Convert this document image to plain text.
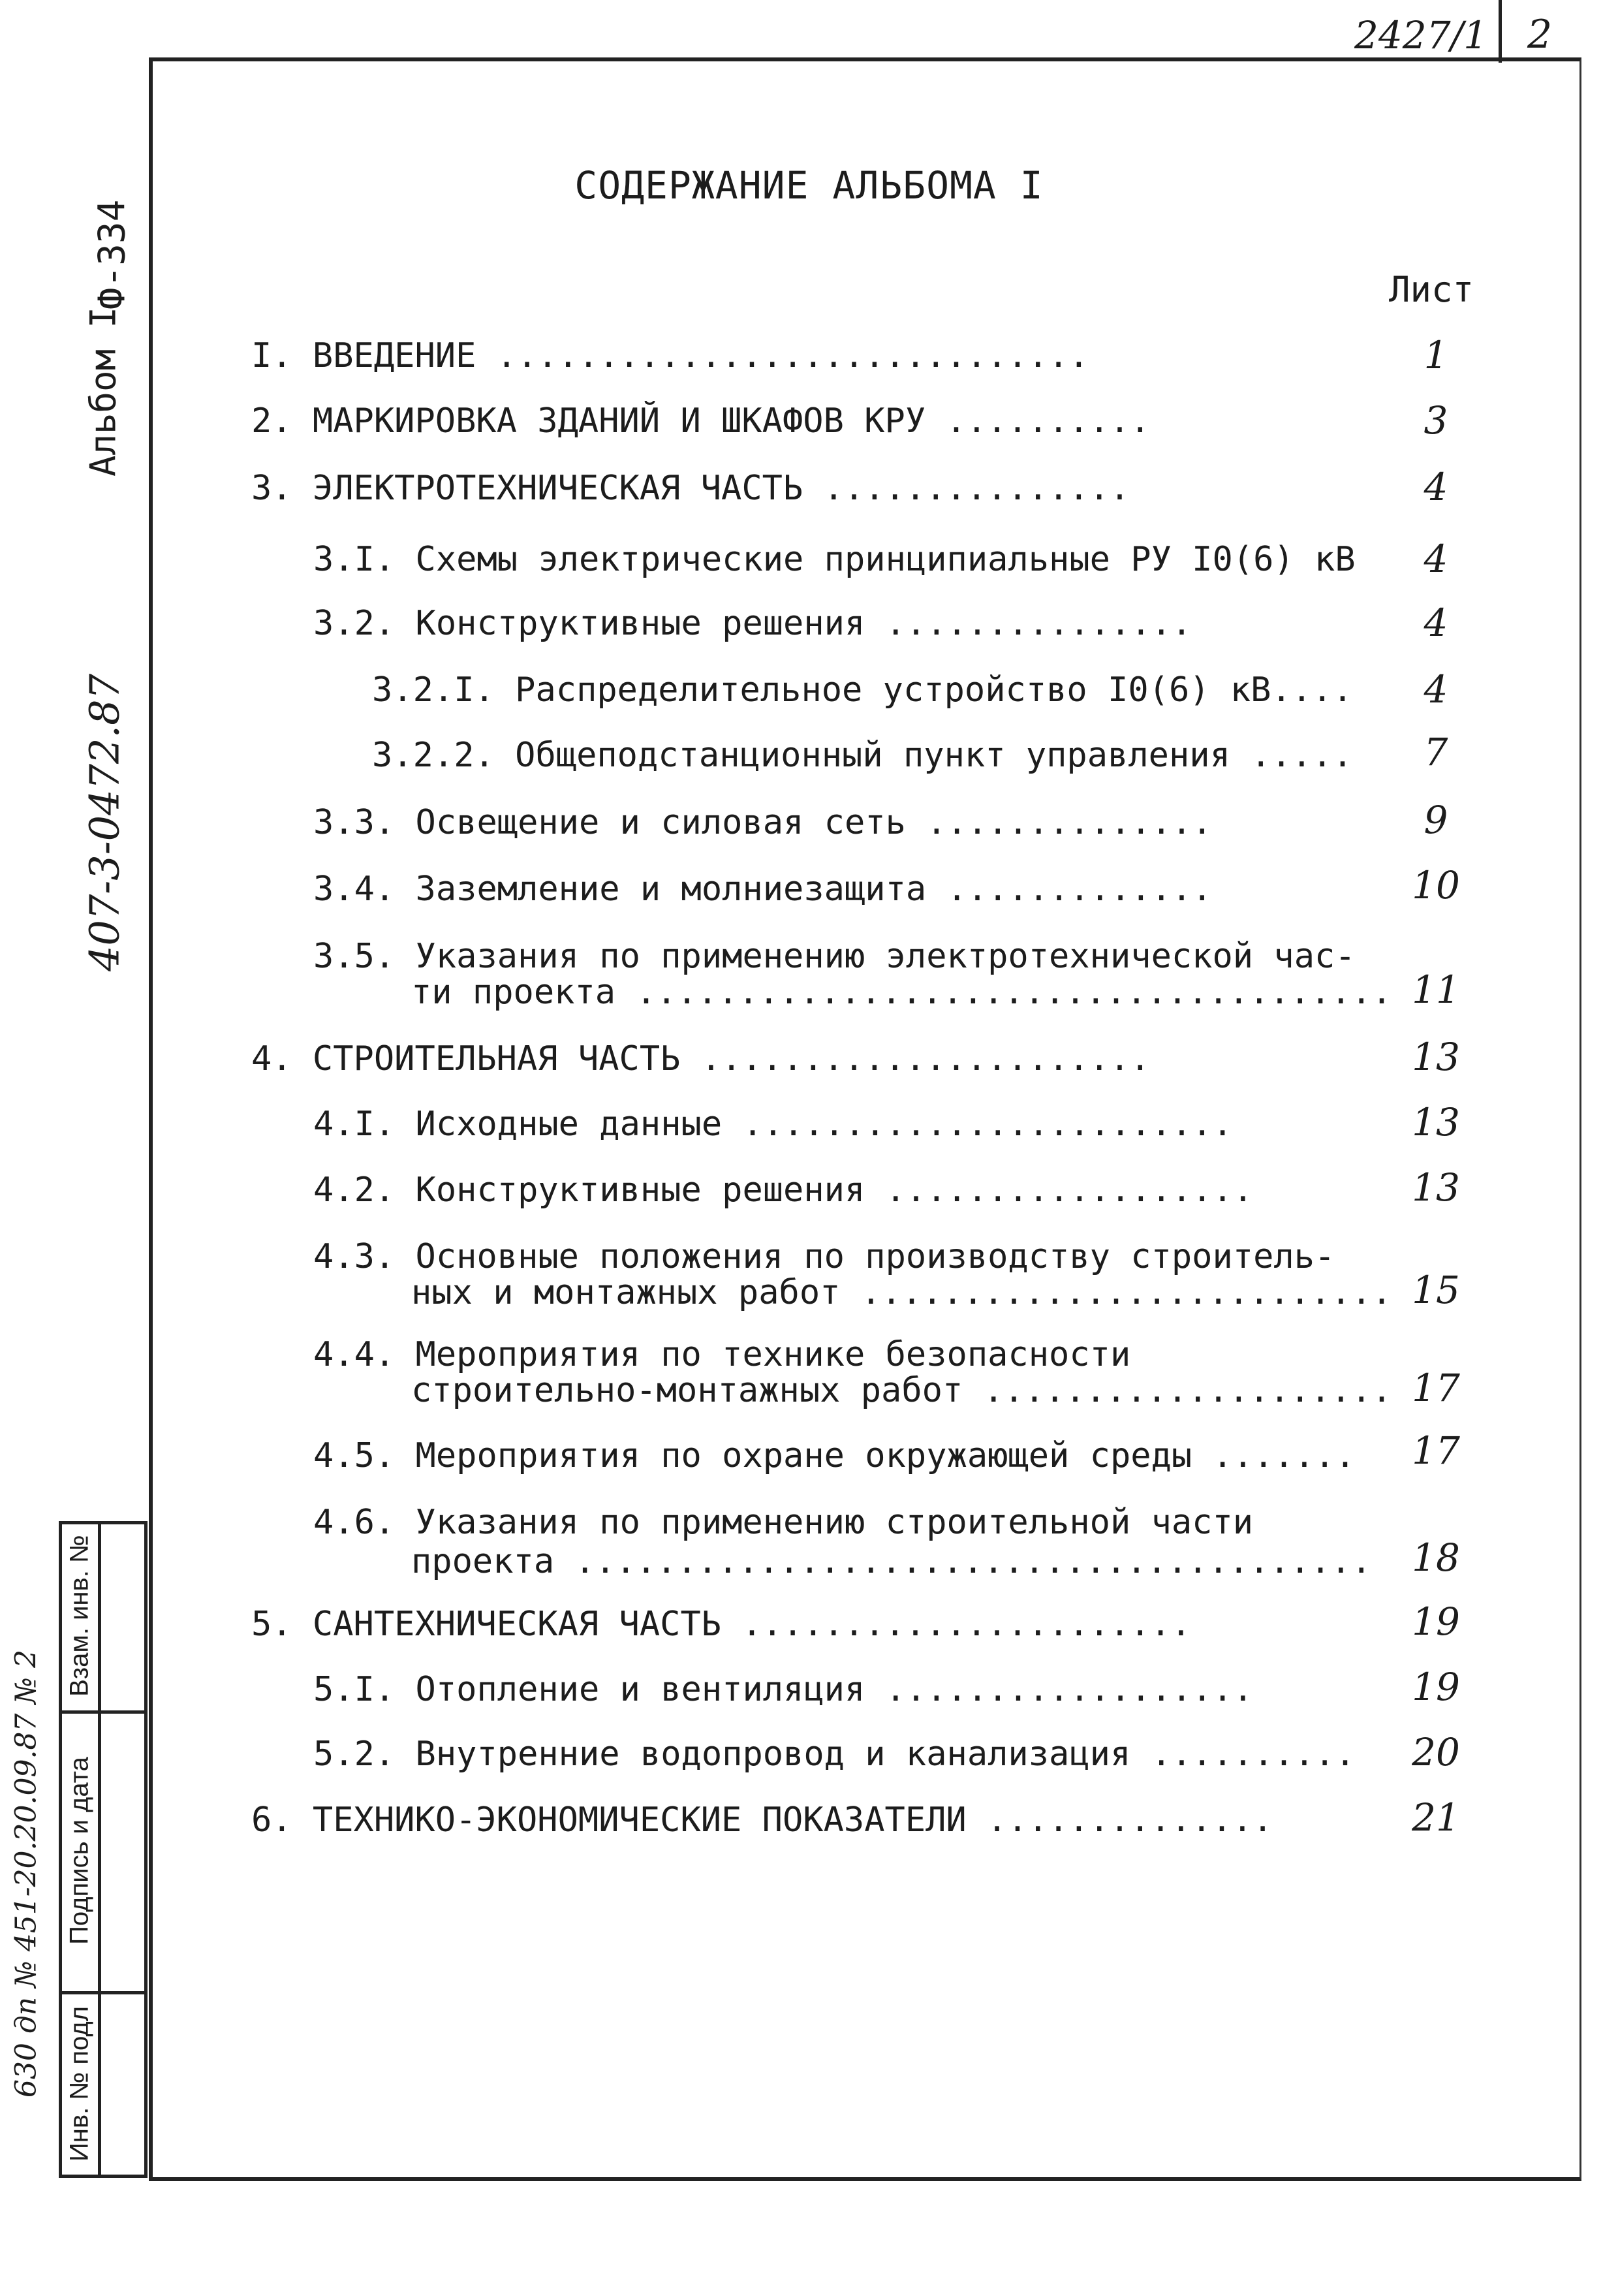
2427/1 2
Ф-334
Альбом I
407-3-0472.87
Взам. инв. №
Подпись и дата
Инв. № подл
630 дп № 451-20.20.09.87 № 2
СОДЕРЖАНИЕ АЛЬБОМА I
Лист
I. ВВЕДЕНИЕ .............................	1
2. МАРКИРОВКА ЗДАНИЙ И ШКАФОВ КРУ ..........	3
3. ЭЛЕКТРОТЕХНИЧЕСКАЯ ЧАСТЬ ...............	4
3.I. Схемы электрические принципиальные РУ I0(6) кВ	4
3.2. Конструктивные решения ...............	4
3.2.I. Распределительное устройство I0(6) кВ....	4
3.2.2. Общеподстанционный пункт управления .....	7
3.3. Освещение и силовая сеть ..............	9
3.4. Заземление и молниезащита .............	10
3.5. Указания по применению электротехнической час-
ти проекта ..................................... 11
4. СТРОИТЕЛЬНАЯ ЧАСТЬ ......................	13
4.I. Исходные данные ........................	13
4.2. Конструктивные решения ..................	13
4.3. Основные положения по производству строитель-
ных и монтажных работ .......................... 15
4.4. Мероприятия по технике безопасности
строительно-монтажных работ .................... 17
4.5. Мероприятия по охране окружающей среды .......	17
4.6. Указания по применению строительной части
проекта .......................................	18
5. САНТЕХНИЧЕСКАЯ ЧАСТЬ ......................	19
5.I. Отопление и вентиляция ..................	19
5.2. Внутренние водопровод и канализация ..........	20
6. ТЕХНИКО-ЭКОНОМИЧЕСКИЕ ПОКАЗАТЕЛИ ..............	21
